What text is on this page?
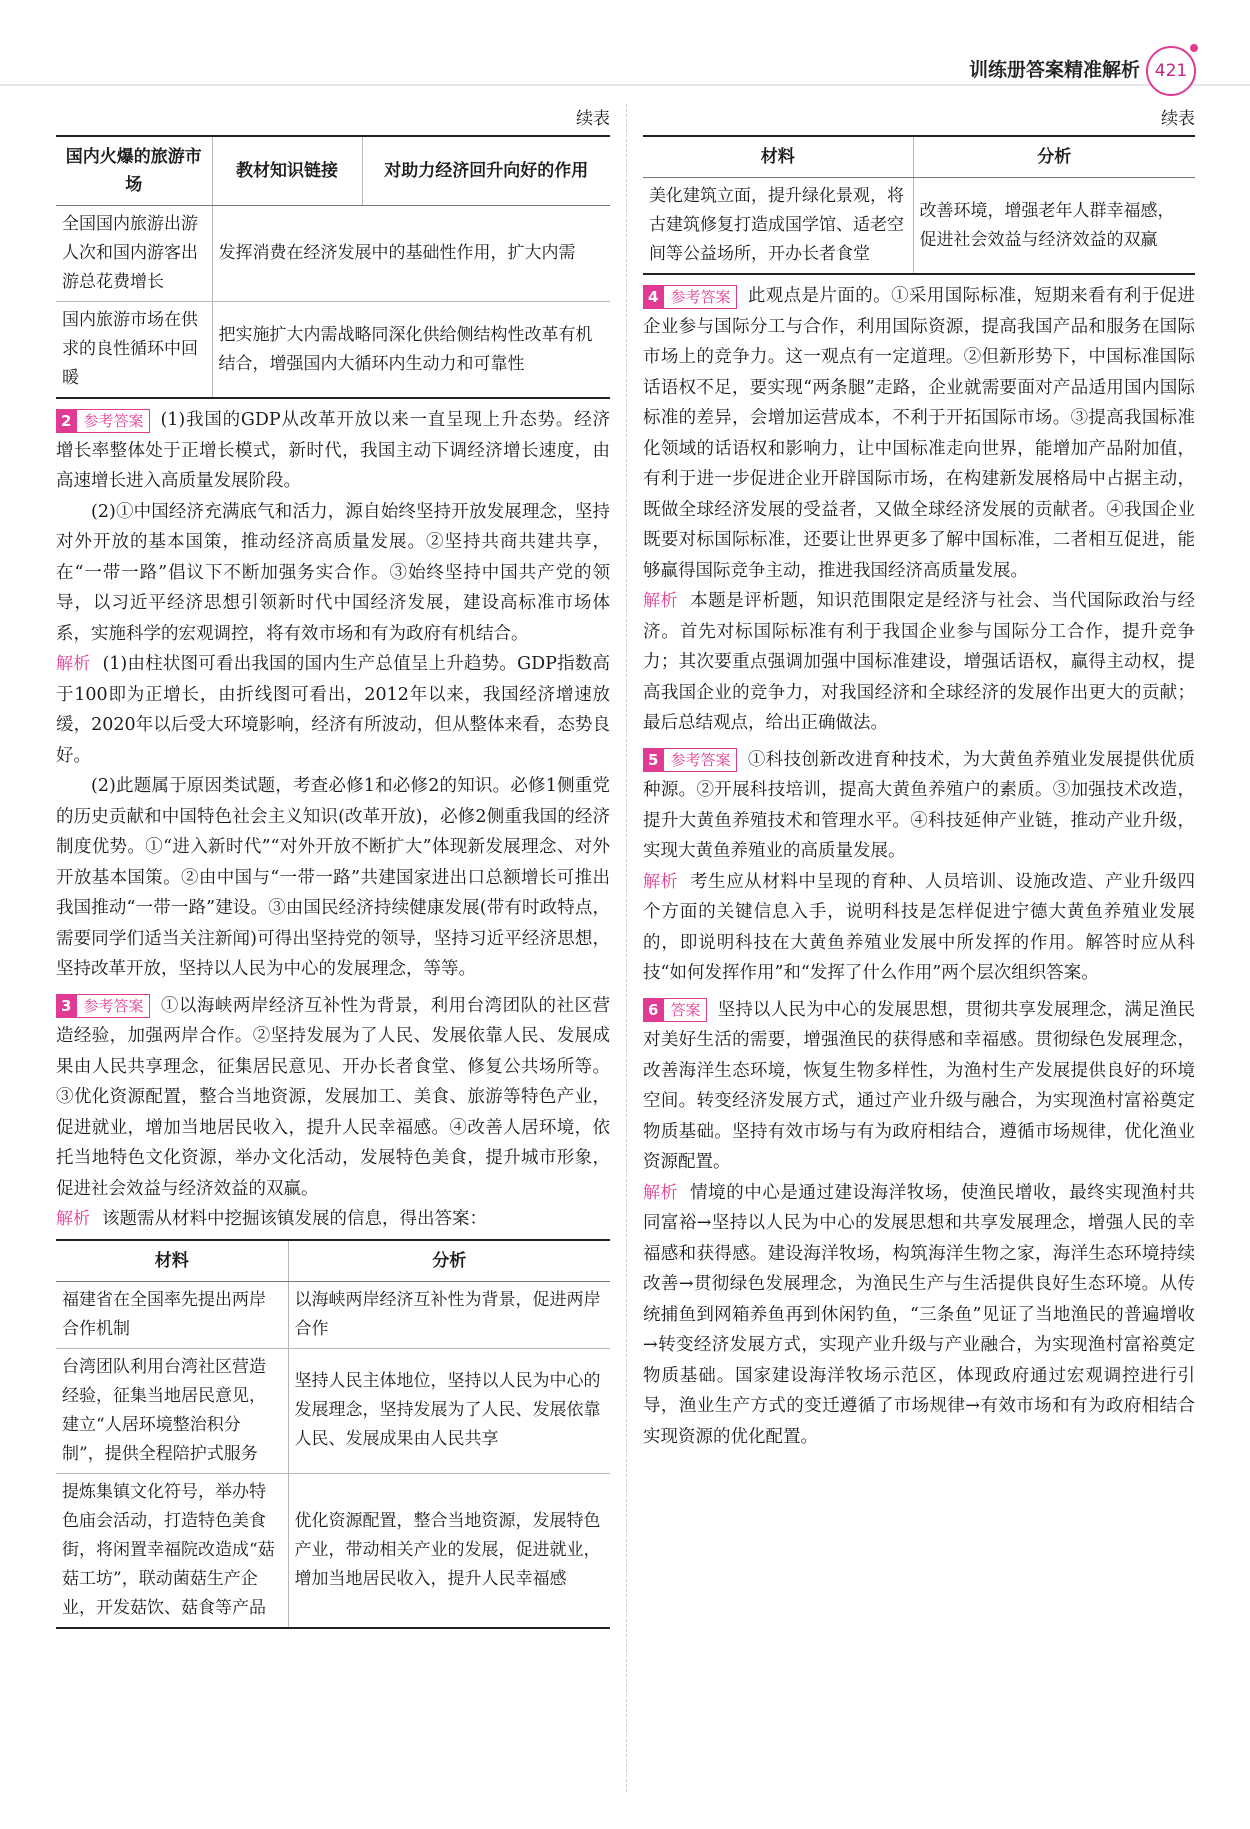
训练册答案精准解析 421
续表
国内火爆的旅游市场	教材知识链接	对助力经济回升向好的作用
全国国内旅游出游人次和国内游客出游总花费增长	发挥消费在经济发展中的基础性作用，扩大内需	
国内旅游市场在供求的良性循环中回暖	把实施扩大内需战略同深化供给侧结构性改革有机结合，增强国内大循环内生动力和可靠性	

2 参考答案 (1)我国的GDP从改革开放以来一直呈现上升态势。经济增长率整体处于正增长模式，新时代，我国主动下调经济增长速度，由高速增长进入高质量发展阶段。

(2)①中国经济充满底气和活力，源自始终坚持开放发展理念，坚持对外开放的基本国策，推动经济高质量发展。②坚持共商共建共享，在“一带一路”倡议下不断加强务实合作。③始终坚持中国共产党的领导，以习近平经济思想引领新时代中国经济发展，建设高标准市场体系，实施科学的宏观调控，将有效市场和有为政府有机结合。

解析 (1)由柱状图可看出我国的国内生产总值呈上升趋势。GDP指数高于100即为正增长，由折线图可看出，2012年以来，我国经济增速放缓，2020年以后受大环境影响，经济有所波动，但从整体来看，态势良好。

(2)此题属于原因类试题，考查必修1和必修2的知识。必修1侧重党的历史贡献和中国特色社会主义知识(改革开放)，必修2侧重我国的经济制度优势。①“进入新时代”“对外开放不断扩大”体现新发展理念、对外开放基本国策。②由中国与“一带一路”共建国家进出口总额增长可推出我国推动“一带一路”建设。③由国民经济持续健康发展(带有时政特点，需要同学们适当关注新闻)可得出坚持党的领导，坚持习近平经济思想，坚持改革开放，坚持以人民为中心的发展理念，等等。

3 参考答案 ①以海峡两岸经济互补性为背景，利用台湾团队的社区营造经验，加强两岸合作。②坚持发展为了人民、发展依靠人民、发展成果由人民共享理念，征集居民意见、开办长者食堂、修复公共场所等。③优化资源配置，整合当地资源，发展加工、美食、旅游等特色产业，促进就业，增加当地居民收入，提升人民幸福感。④改善人居环境，依托当地特色文化资源，举办文化活动，发展特色美食，提升城市形象，促进社会效益与经济效益的双赢。

解析 该题需从材料中挖掘该镇发展的信息，得出答案：

材料	分析
福建省在全国率先提出两岸合作机制	以海峡两岸经济互补性为背景，促进两岸合作
台湾团队利用台湾社区营造经验，征集当地居民意见，建立“人居环境整治积分制”，提供全程陪护式服务	坚持人民主体地位，坚持以人民为中心的发展理念，坚持发展为了人民、发展依靠人民、发展成果由人民共享
提炼集镇文化符号，举办特色庙会活动，打造特色美食街，将闲置幸福院改造成“菇菇工坊”，联动菌菇生产企业，开发菇饮、菇食等产品	优化资源配置，整合当地资源，发展特色产业，带动相关产业的发展，促进就业，增加当地居民收入，提升人民幸福感
续表
材料	分析
美化建筑立面，提升绿化景观，将古建筑修复打造成国学馆、适老空间等公益场所，开办长者食堂	改善环境，增强老年人群幸福感，促进社会效益与经济效益的双赢

4 参考答案 此观点是片面的。①采用国际标准，短期来看有利于促进企业参与国际分工与合作，利用国际资源，提高我国产品和服务在国际市场上的竞争力。这一观点有一定道理。②但新形势下，中国标准国际话语权不足，要实现“两条腿”走路，企业就需要面对产品适用国内国际标准的差异，会增加运营成本，不利于开拓国际市场。③提高我国标准化领域的话语权和影响力，让中国标准走向世界，能增加产品附加值，有利于进一步促进企业开辟国际市场，在构建新发展格局中占据主动，既做全球经济发展的受益者，又做全球经济发展的贡献者。④我国企业既要对标国际标准，还要让世界更多了解中国标准，二者相互促进，能够赢得国际竞争主动，推进我国经济高质量发展。

解析 本题是评析题，知识范围限定是经济与社会、当代国际政治与经济。首先对标国际标准有利于我国企业参与国际分工合作，提升竞争力；其次要重点强调加强中国标准建设，增强话语权，赢得主动权，提高我国企业的竞争力，对我国经济和全球经济的发展作出更大的贡献；最后总结观点，给出正确做法。

5 参考答案 ①科技创新改进育种技术，为大黄鱼养殖业发展提供优质种源。②开展科技培训，提高大黄鱼养殖户的素质。③加强技术改造，提升大黄鱼养殖技术和管理水平。④科技延伸产业链，推动产业升级，实现大黄鱼养殖业的高质量发展。

解析 考生应从材料中呈现的育种、人员培训、设施改造、产业升级四个方面的关键信息入手，说明科技是怎样促进宁德大黄鱼养殖业发展的，即说明科技在大黄鱼养殖业发展中所发挥的作用。解答时应从科技“如何发挥作用”和“发挥了什么作用”两个层次组织答案。

6 答案 坚持以人民为中心的发展思想，贯彻共享发展理念，满足渔民对美好生活的需要，增强渔民的获得感和幸福感。贯彻绿色发展理念，改善海洋生态环境，恢复生物多样性，为渔村生产发展提供良好的环境空间。转变经济发展方式，通过产业升级与融合，为实现渔村富裕奠定物质基础。坚持有效市场与有为政府相结合，遵循市场规律，优化渔业资源配置。

解析 情境的中心是通过建设海洋牧场，使渔民增收，最终实现渔村共同富裕→坚持以人民为中心的发展思想和共享发展理念，增强人民的幸福感和获得感。建设海洋牧场，构筑海洋生物之家，海洋生态环境持续改善→贯彻绿色发展理念，为渔民生产与生活提供良好生态环境。从传统捕鱼到网箱养鱼再到休闲钓鱼，“三条鱼”见证了当地渔民的普遍增收→转变经济发展方式，实现产业升级与产业融合，为实现渔村富裕奠定物质基础。国家建设海洋牧场示范区，体现政府通过宏观调控进行引导，渔业生产方式的变迁遵循了市场规律→有效市场和有为政府相结合实现资源的优化配置。
